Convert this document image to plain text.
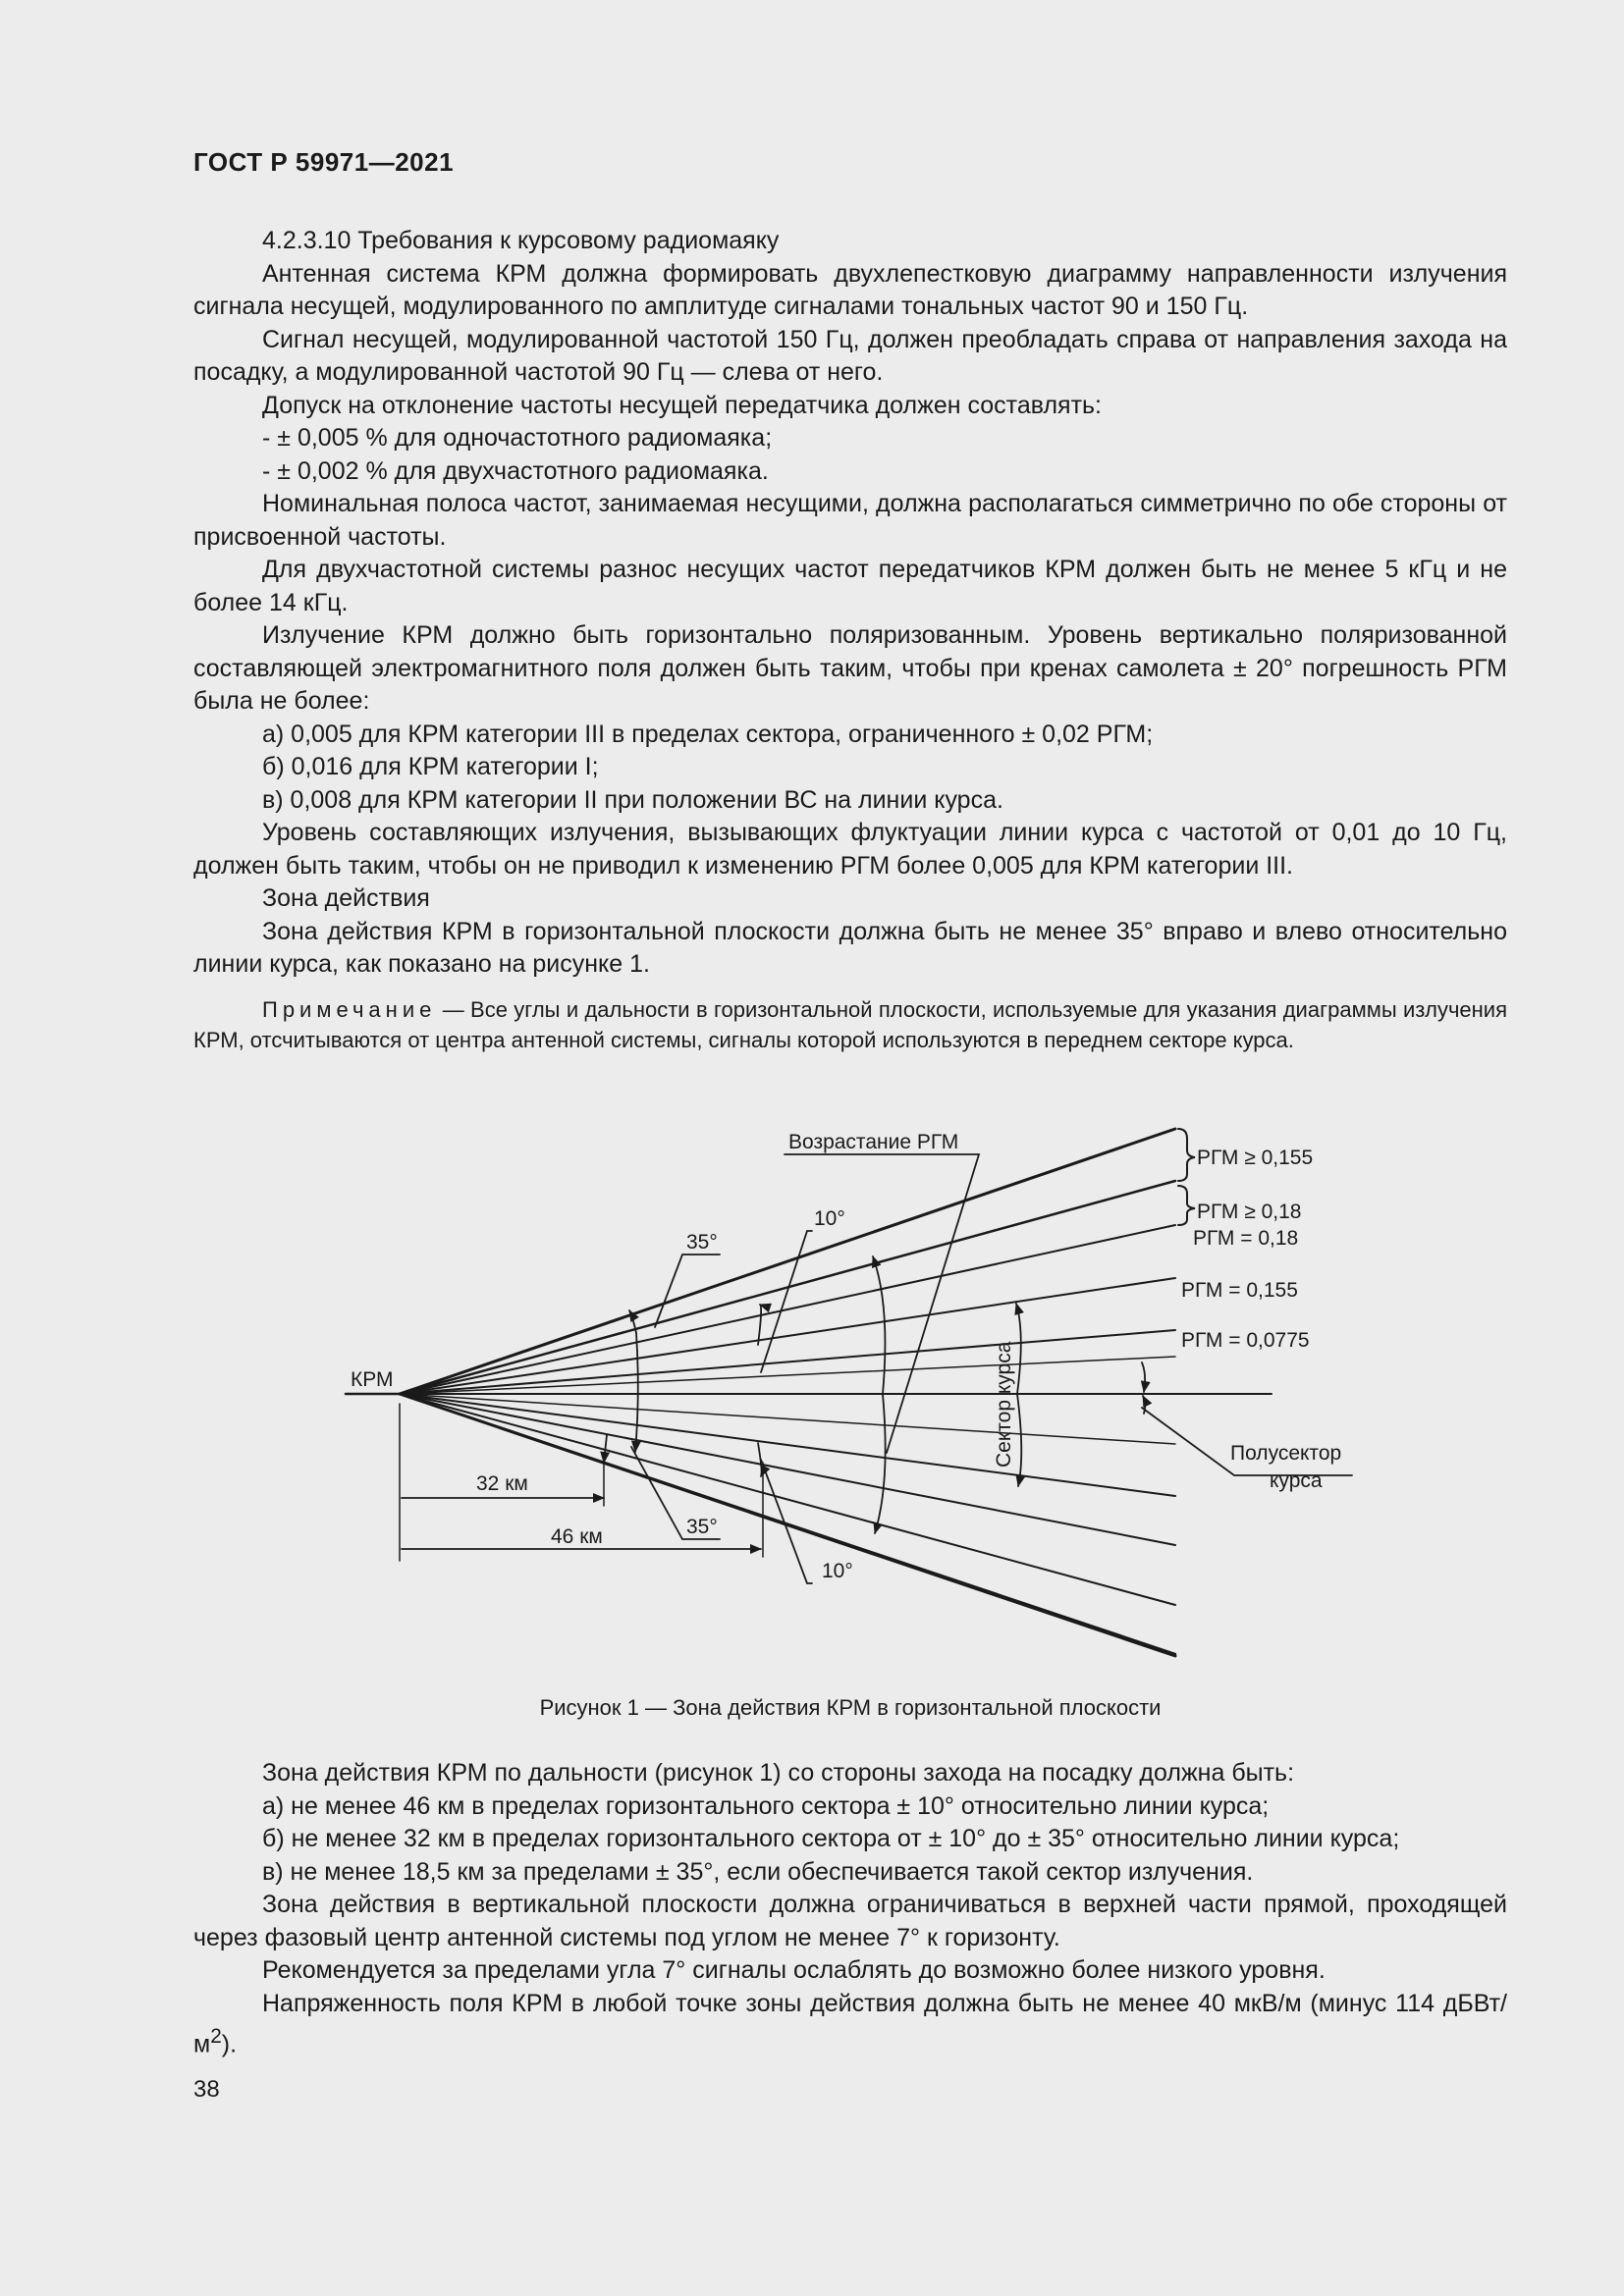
ГОСТ Р 59971—2021

4.2.3.10 Требования к курсовому радиомаяку

Антенная система КРМ должна формировать двухлепестковую диаграмму направленности излучения сигнала несущей, модулированного по амплитуде сигналами тональных частот 90 и 150 Гц.

Сигнал несущей, модулированной частотой 150 Гц, должен преобладать справа от направления захода на посадку, а модулированной частотой 90 Гц — слева от него.

Допуск на отклонение частоты несущей передатчика должен составлять:

- ± 0,005 % для одночастотного радиомаяка;

- ± 0,002 % для двухчастотного радиомаяка.

Номинальная полоса частот, занимаемая несущими, должна располагаться симметрично по обе стороны от присвоенной частоты.

Для двухчастотной системы разнос несущих частот передатчиков КРМ должен быть не менее 5 кГц и не более 14 кГц.

Излучение КРМ должно быть горизонтально поляризованным. Уровень вертикально поляризованной составляющей электромагнитного поля должен быть таким, чтобы при кренах самолета ± 20° погрешность РГМ была не более:

а) 0,005 для КРМ категории III в пределах сектора, ограниченного ± 0,02 РГМ;

б) 0,016 для КРМ категории I;

в) 0,008 для КРМ категории II при положении ВС на линии курса.

Уровень составляющих излучения, вызывающих флуктуации линии курса с частотой от 0,01 до 10 Гц, должен быть таким, чтобы он не приводил к изменению РГМ более 0,005 для КРМ категории III.

Зона действия

Зона действия КРМ в горизонтальной плоскости должна быть не менее 35° вправо и влево относительно линии курса, как показано на рисунке 1.

Примечание — Все углы и дальности в горизонтальной плоскости, используемые для указания диаграммы излучения КРМ, отсчитываются от центра антенной системы, сигналы которой используются в переднем секторе курса.

КРМ
Возрастание РГМ
РГМ ≥ 0,155
РГМ ≥ 0,18
РГМ = 0,18
РГМ = 0,155
РГМ = 0,0775
35°
10°
35°
10°
Сектор курса	Полусектор
курса
32 км
46 км
Рисунок 1 — Зона действия КРМ в горизонтальной плоскости

Зона действия КРМ по дальности (рисунок 1) со стороны захода на посадку должна быть:

а) не менее 46 км в пределах горизонтального сектора ± 10° относительно линии курса;

б) не менее 32 км в пределах горизонтального сектора от ± 10° до ± 35° относительно линии курса;

в) не менее 18,5 км за пределами ± 35°, если обеспечивается такой сектор излучения.

Зона действия в вертикальной плоскости должна ограничиваться в верхней части прямой, проходящей через фазовый центр антенной системы под углом не менее 7° к горизонту.

Рекомендуется за пределами угла 7° сигналы ослаблять до возможно более низкого уровня.

Напряженность поля КРМ в любой точке зоны действия должна быть не менее 40 мкВ/м (минус 114 дБВт/$м^2$).

38
